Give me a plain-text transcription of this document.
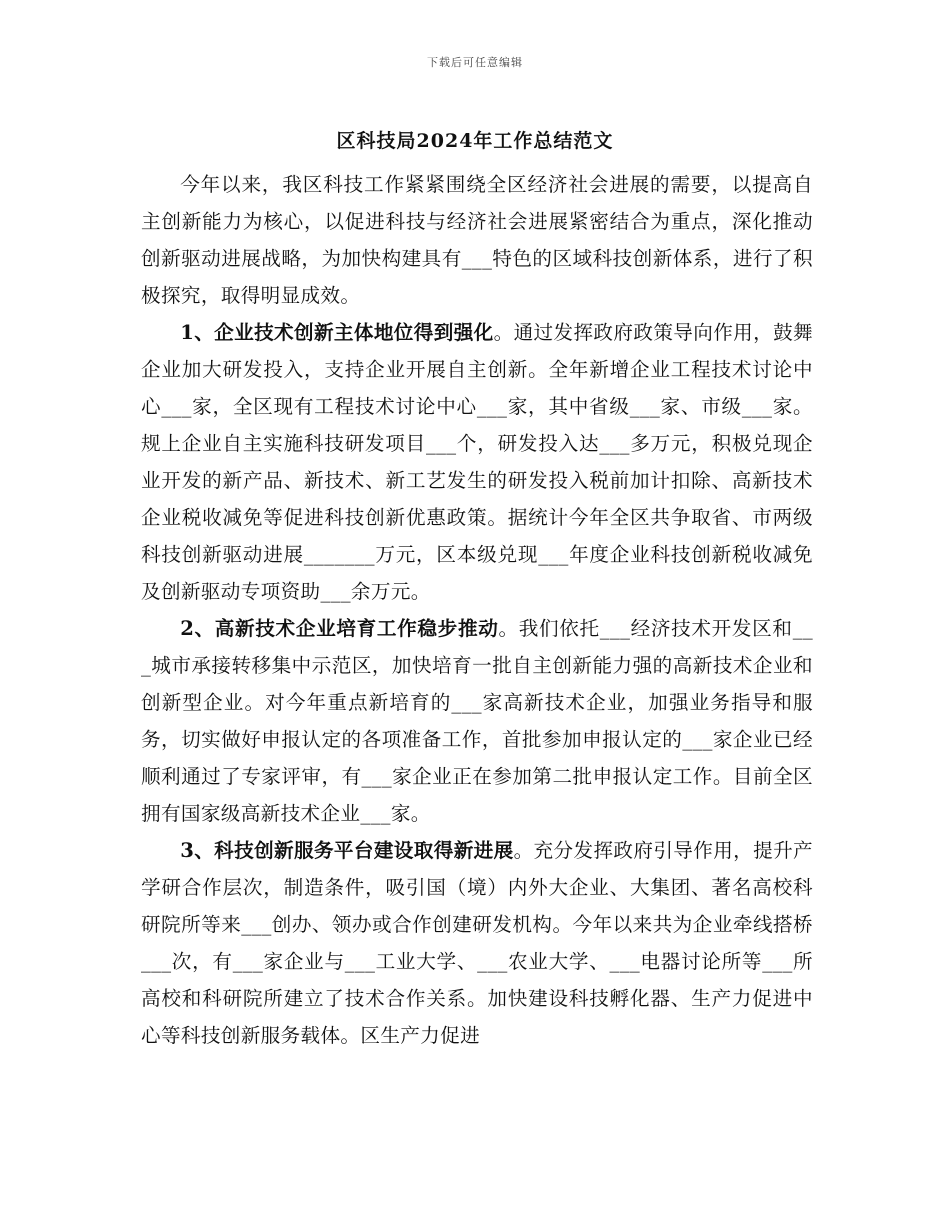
下载后可任意编辑
区科技局2024年工作总结范文

今年以来，我区科技工作紧紧围绕全区经济社会进展的需要，以提高自主创新能力为核心，以促进科技与经济社会进展紧密结合为重点，深化推动创新驱动进展战略，为加快构建具有___特色的区域科技创新体系，进行了积极探究，取得明显成效。

1、企业技术创新主体地位得到强化。通过发挥政府政策导向作用，鼓舞企业加大研发投入，支持企业开展自主创新。全年新增企业工程技术讨论中心___家，全区现有工程技术讨论中心___家，其中省级___家、市级___家。规上企业自主实施科技研发项目___个，研发投入达___多万元，积极兑现企业开发的新产品、新技术、新工艺发生的研发投入税前加计扣除、高新技术企业税收减免等促进科技创新优惠政策。据统计今年全区共争取省、市两级科技创新驱动进展_______万元，区本级兑现___年度企业科技创新税收减免及创新驱动专项资助___余万元。

2、高新技术企业培育工作稳步推动。我们依托___经济技术开发区和___城市承接转移集中示范区，加快培育一批自主创新能力强的高新技术企业和创新型企业。对今年重点新培育的___家高新技术企业，加强业务指导和服务，切实做好申报认定的各项准备工作，首批参加申报认定的___家企业已经顺利通过了专家评审，有___家企业正在参加第二批申报认定工作。目前全区拥有国家级高新技术企业___家。

3、科技创新服务平台建设取得新进展。充分发挥政府引导作用，提升产学研合作层次，制造条件，吸引国（境）内外大企业、大集团、著名高校科研院所等来___创办、领办或合作创建研发机构。今年以来共为企业牵线搭桥___次，有___家企业与___工业大学、___农业大学、___电器讨论所等___所高校和科研院所建立了技术合作关系。加快建设科技孵化器、生产力促进中心等科技创新服务载体。区生产力促进
